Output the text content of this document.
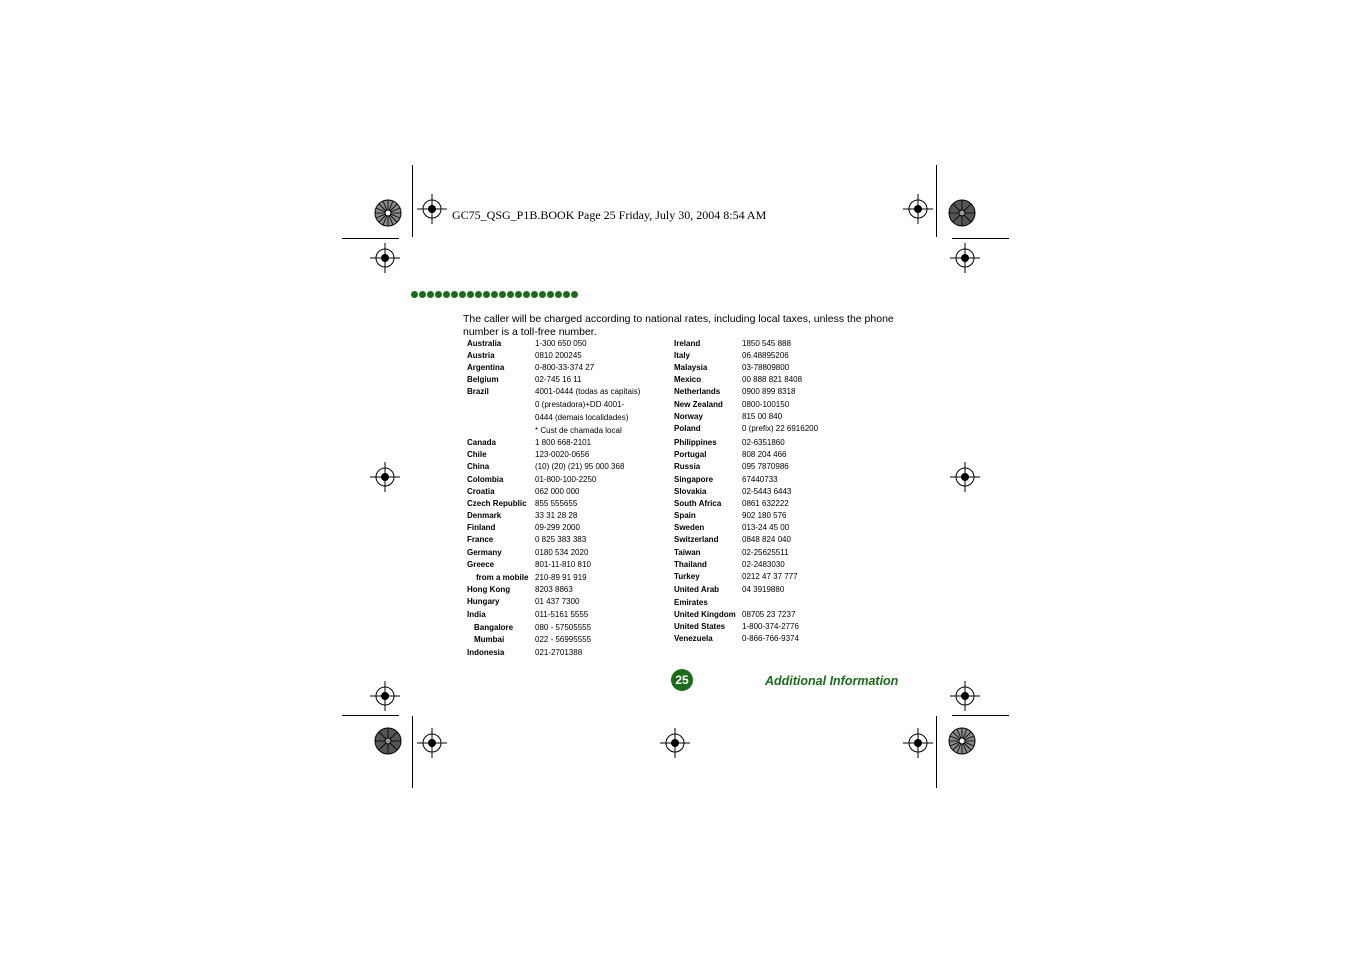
GC75_QSG_P1B.BOOK Page 25 Friday, July 30, 2004 8:54 AM
The caller will be charged according to national rates, including local taxes, unless the phone number is a toll-free number.
Australia	1-300 650 050
Austria	0810 200245
Argentina	0-800-33-374 27
Belgium	02-745 16 11
Brazil	4001-0444 (todas as capitais)
0 (prestadora)+DD 4001-
0444 (demais localidades)
* Cust de chamada local
Canada	1 800 668-2101
Chile	123-0020-0656
China	(10) (20) (21) 95 000 368
Colombia	01-800-100-2250
Croatia	062 000 000
Czech Republic 855 555655
Denmark	33 31 28 28
Finland	09-299 2000
France	0 825 383 383
Germany	0180 534 2020
Greece	801-11-810 810
from a mobile 210-89 91 919
Hong Kong	8203 8863
Hungary	01 437 7300
India	011-5161 5555
Bangalore	080 - 57505555
Mumbai	022 - 56995555
Indonesia	021-2701388
Ireland	1850 545 888
Italy	06.48895206
Malaysia	03-78809800
Mexico	00 888 821 8408
Netherlands	0900 899 8318
New Zealand 0800-100150
Norway	815 00 840
Poland	0 (prefix) 22 6916200
Philippines	02-6351860
Portugal	808 204 466
Russia	095 7870986
Singapore	67440733
Slovakia	02-5443 6443
South Africa	0861 632222
Spain	902 180 576
Sweden	013-24 45 00
Switzerland	0848 824 040
Taiwan	02-25625511
Thailand	02-2483030
Turkey	0212 47 37 777
United Arab	04 3919880
Emirates
United Kingdom 08705 23 7237
United States 1-800-374-2776
Venezuela	0-866-766-9374
25	Additional Information
